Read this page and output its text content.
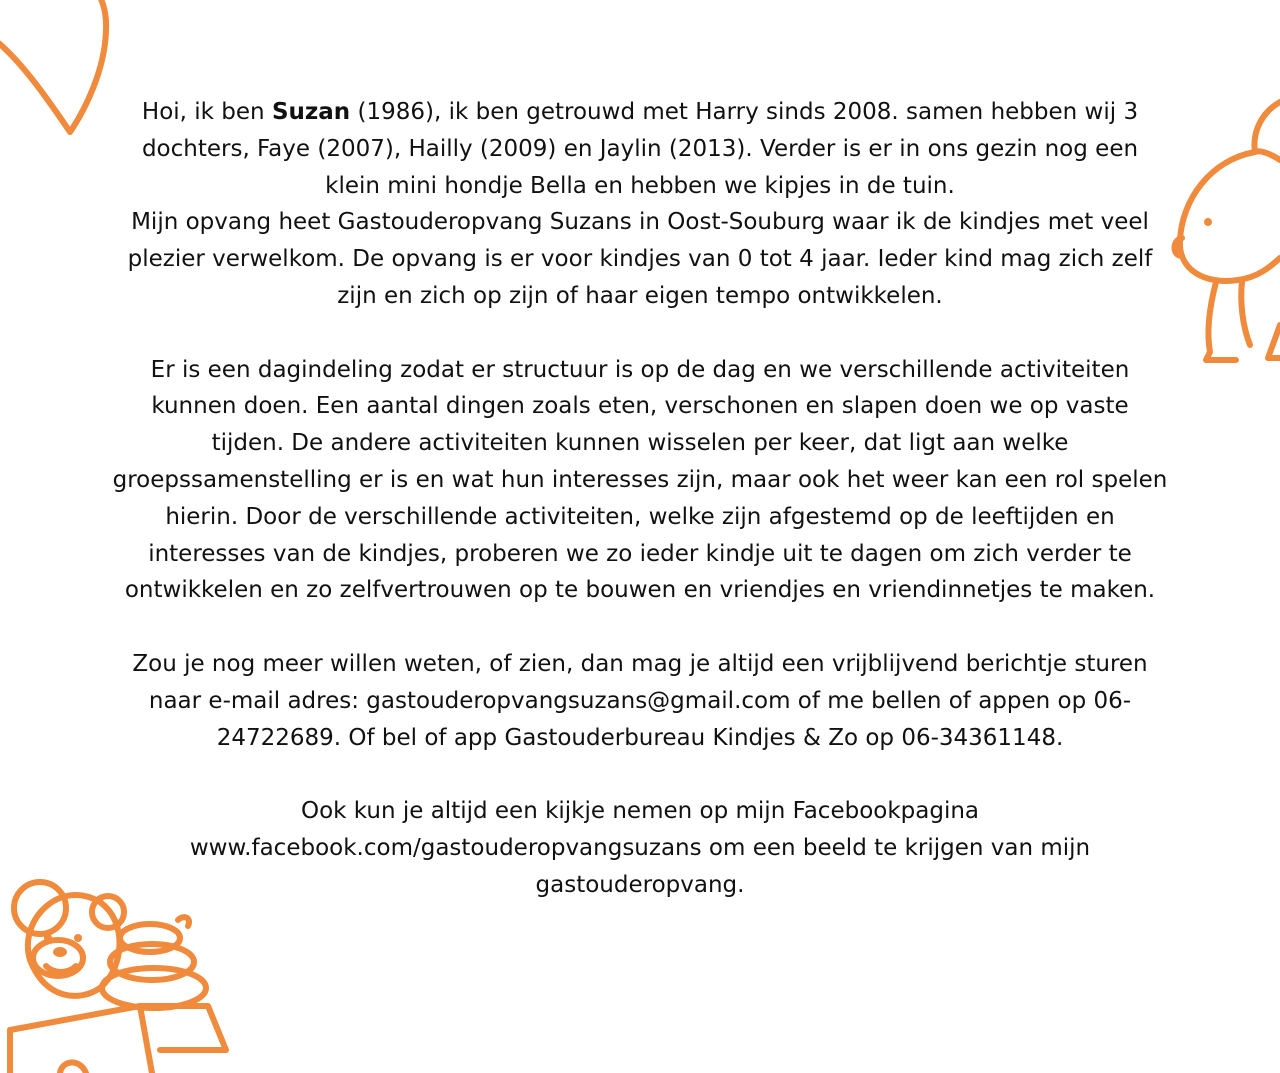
Hoi, ik ben Suzan (1986), ik ben getrouwd met Harry sinds 2008. samen hebben wij 3 dochters, Faye (2007), Hailly (2009) en Jaylin (2013). Verder is er in ons gezin nog een klein mini hondje Bella en hebben we kipjes in de tuin.

Mijn opvang heet Gastouderopvang Suzans in Oost-Souburg waar ik de kindjes met veel plezier verwelkom. De opvang is er voor kindjes van 0 tot 4 jaar. Ieder kind mag zich zelf zijn en zich op zijn of haar eigen tempo ontwikkelen.

Er is een dagindeling zodat er structuur is op de dag en we verschillende activiteiten kunnen doen. Een aantal dingen zoals eten, verschonen en slapen doen we op vaste tijden. De andere activiteiten kunnen wisselen per keer, dat ligt aan welke groepssamenstelling er is en wat hun interesses zijn, maar ook het weer kan een rol spelen hierin. Door de verschillende activiteiten, welke zijn afgestemd op de leeftijden en interesses van de kindjes, proberen we zo ieder kindje uit te dagen om zich verder te ontwikkelen en zo zelfvertrouwen op te bouwen en vriendjes en vriendinnetjes te maken.

Zou je nog meer willen weten, of zien, dan mag je altijd een vrijblijvend berichtje sturen naar e-mail adres: gastouderopvangsuzans@gmail.com of me bellen of appen op 06-24722689. Of bel of app Gastouderbureau Kindjes & Zo op 06-34361148.

Ook kun je altijd een kijkje nemen op mijn Facebookpagina www.facebook.com/gastouderopvangsuzans om een beeld te krijgen van mijn gastouderopvang.
